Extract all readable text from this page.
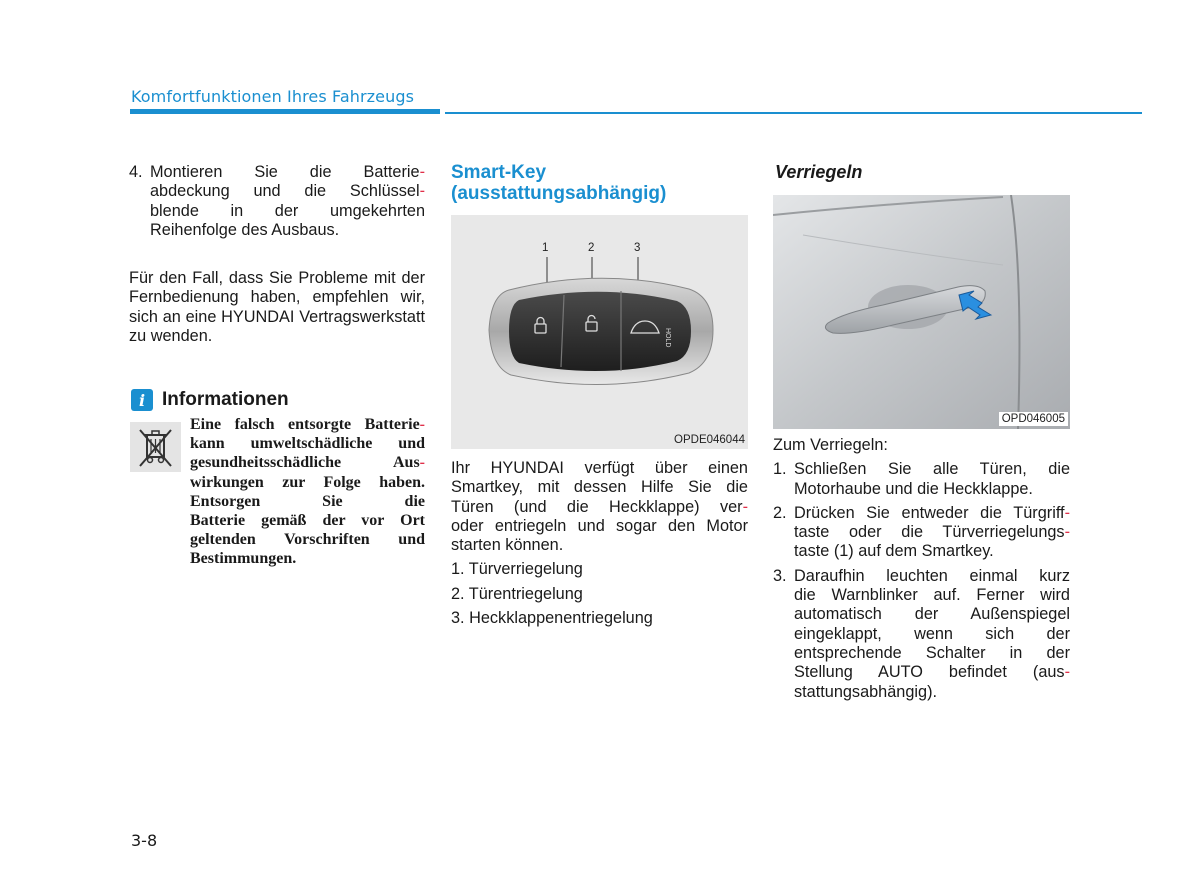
Komfortfunktionen Ihres Fahrzeugs
4. Montieren Sie die Batterie-
abdeckung und die Schlüssel-
blende in der umgekehrten
Reihenfolge des Ausbaus.
Für den Fall, dass Sie Probleme mit der Fernbedienung haben, empfehlen wir, sich an eine HYUNDAI Vertragswerkstatt zu wenden.
i Informationen
Eine falsch entsorgte Batterie-
kann umweltschädliche und
gesundheitsschädliche Aus-
wirkungen zur Folge haben.
Entsorgen Sie die
Batterie gemäß der vor Ort
geltenden Vorschriften und
Bestimmungen.
Smart-Key
(ausstattungsabhängig)
HOLD
1	2	3
OPDE046044
Ihr HYUNDAI verfügt über einen
Smartkey, mit dessen Hilfe Sie die
Türen (und die Heckklappe) ver-
oder entriegeln und sogar den Motor
starten können.
1. Türverriegelung
2. Türentriegelung
3. Heckklappenentriegelung
Verriegeln
OPD046005
Zum Verriegeln:
1. Schließen Sie alle Türen, die
Motorhaube und die Heckklappe.
2. Drücken Sie entweder die Türgriff-
taste oder die Türverriegelungs-
taste (1) auf dem Smartkey.
3. Daraufhin leuchten einmal kurz
die Warnblinker auf. Ferner wird
automatisch der Außenspiegel
eingeklappt, wenn sich der
entsprechende Schalter in der
Stellung AUTO befindet (aus-
stattungsabhängig).
3-8
